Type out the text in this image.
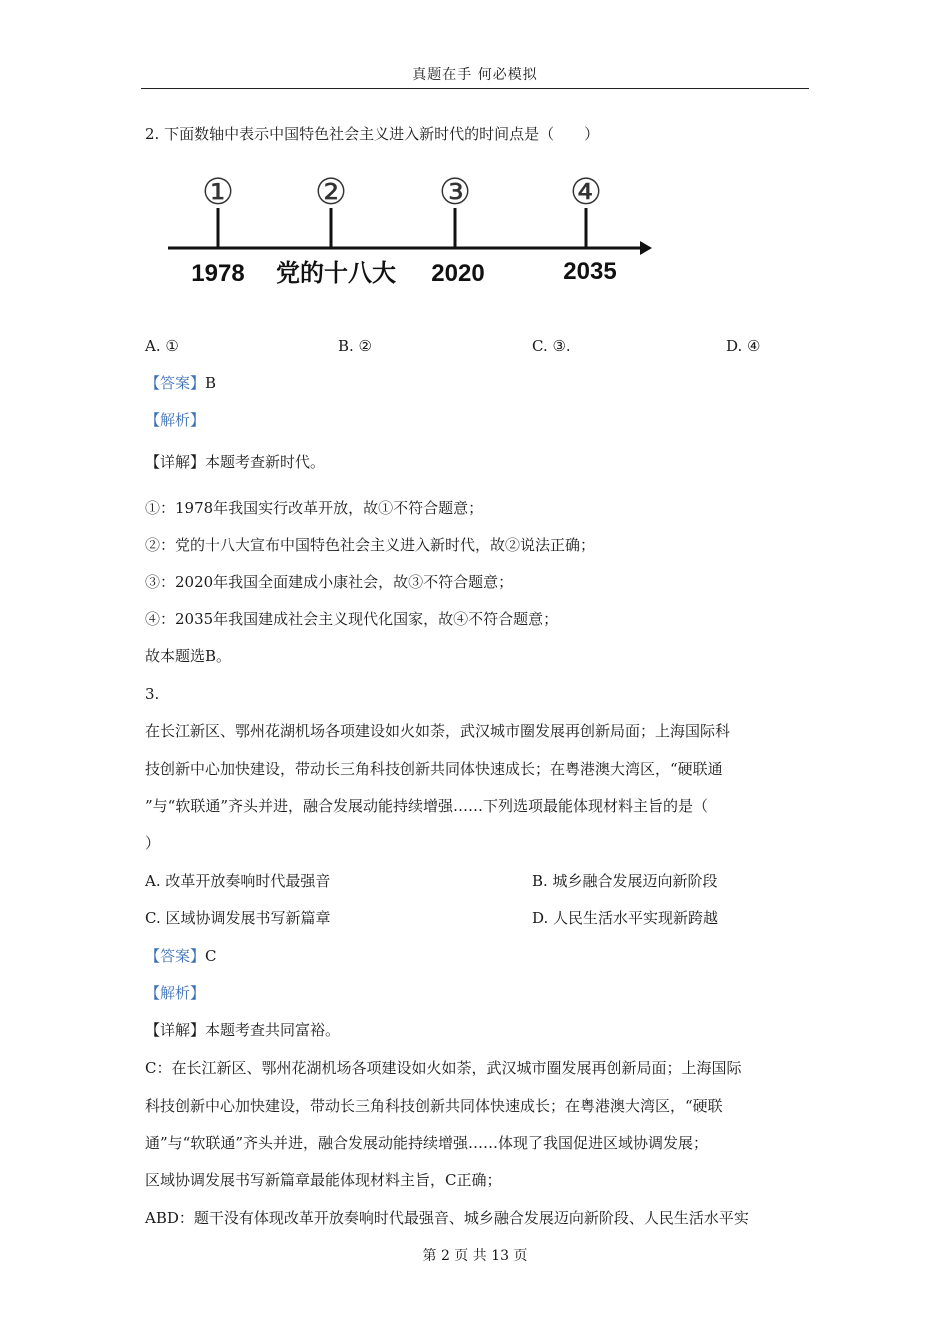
真题在手 何必模拟
2. 下面数轴中表示中国特色社会主义进入新时代的时间点是（　　）
① ②	③	④
1978 党的十八大 2020	2035
A. ①	B. ②	C. ③.	D. ④
【答案】B
【解析】
【详解】本题考查新时代。
①：1978年我国实行改革开放，故①不符合题意；
②：党的十八大宣布中国特色社会主义进入新时代，故②说法正确；
③：2020年我国全面建成小康社会，故③不符合题意；
④：2035年我国建成社会主义现代化国家，故④不符合题意；
故本题选B。
3.
在长江新区、鄂州花湖机场各项建设如火如荼，武汉城市圈发展再创新局面；上海国际科
技创新中心加快建设，带动长三角科技创新共同体快速成长；在粤港澳大湾区，“硬联通
”与“软联通”齐头并进，融合发展动能持续增强……下列选项最能体现材料主旨的是（
）
A. 改革开放奏响时代最强音	B. 城乡融合发展迈向新阶段
C. 区域协调发展书写新篇章	D. 人民生活水平实现新跨越
【答案】C
【解析】
【详解】本题考查共同富裕。
C：在长江新区、鄂州花湖机场各项建设如火如荼，武汉城市圈发展再创新局面；上海国际
科技创新中心加快建设，带动长三角科技创新共同体快速成长；在粤港澳大湾区，“硬联
通”与“软联通”齐头并进，融合发展动能持续增强……体现了我国促进区域协调发展；
区域协调发展书写新篇章最能体现材料主旨，C正确；
ABD：题干没有体现改革开放奏响时代最强音、城乡融合发展迈向新阶段、人民生活水平实
第 2 页 共 13 页
